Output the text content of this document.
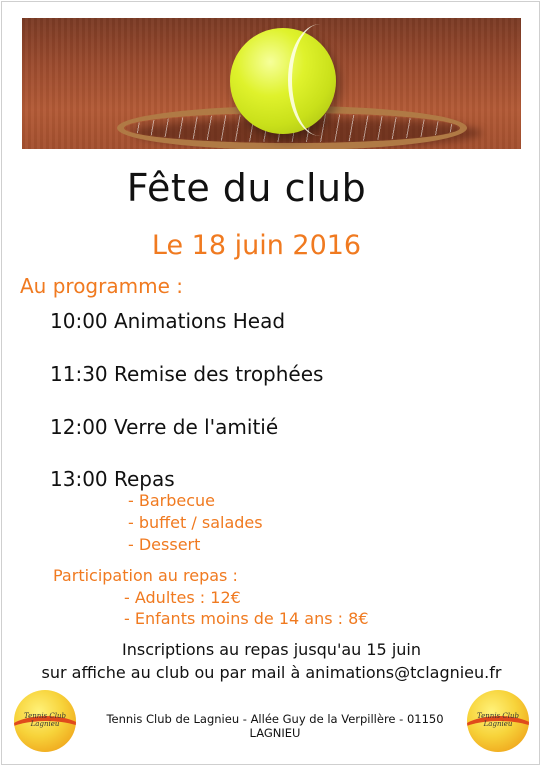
Fête du club
Le 18 juin 2016
Au programme :
10:00 Animations Head
11:30 Remise des trophées
12:00 Verre de l'amitié
13:00 Repas
- Barbecue
- buffet / salades
- Dessert
Participation au repas :
- Adultes : 12€
- Enfants moins de 14 ans : 8€
Inscriptions au repas jusqu'au 15 juin
sur affiche au club ou par mail à animations@tclagnieu.fr
Tennis Club Lagnieu	Tennis Club de Lagnieu - Allée Guy de la Verpillère - 01150 LAGNIEU
Tennis Club Lagnieu
